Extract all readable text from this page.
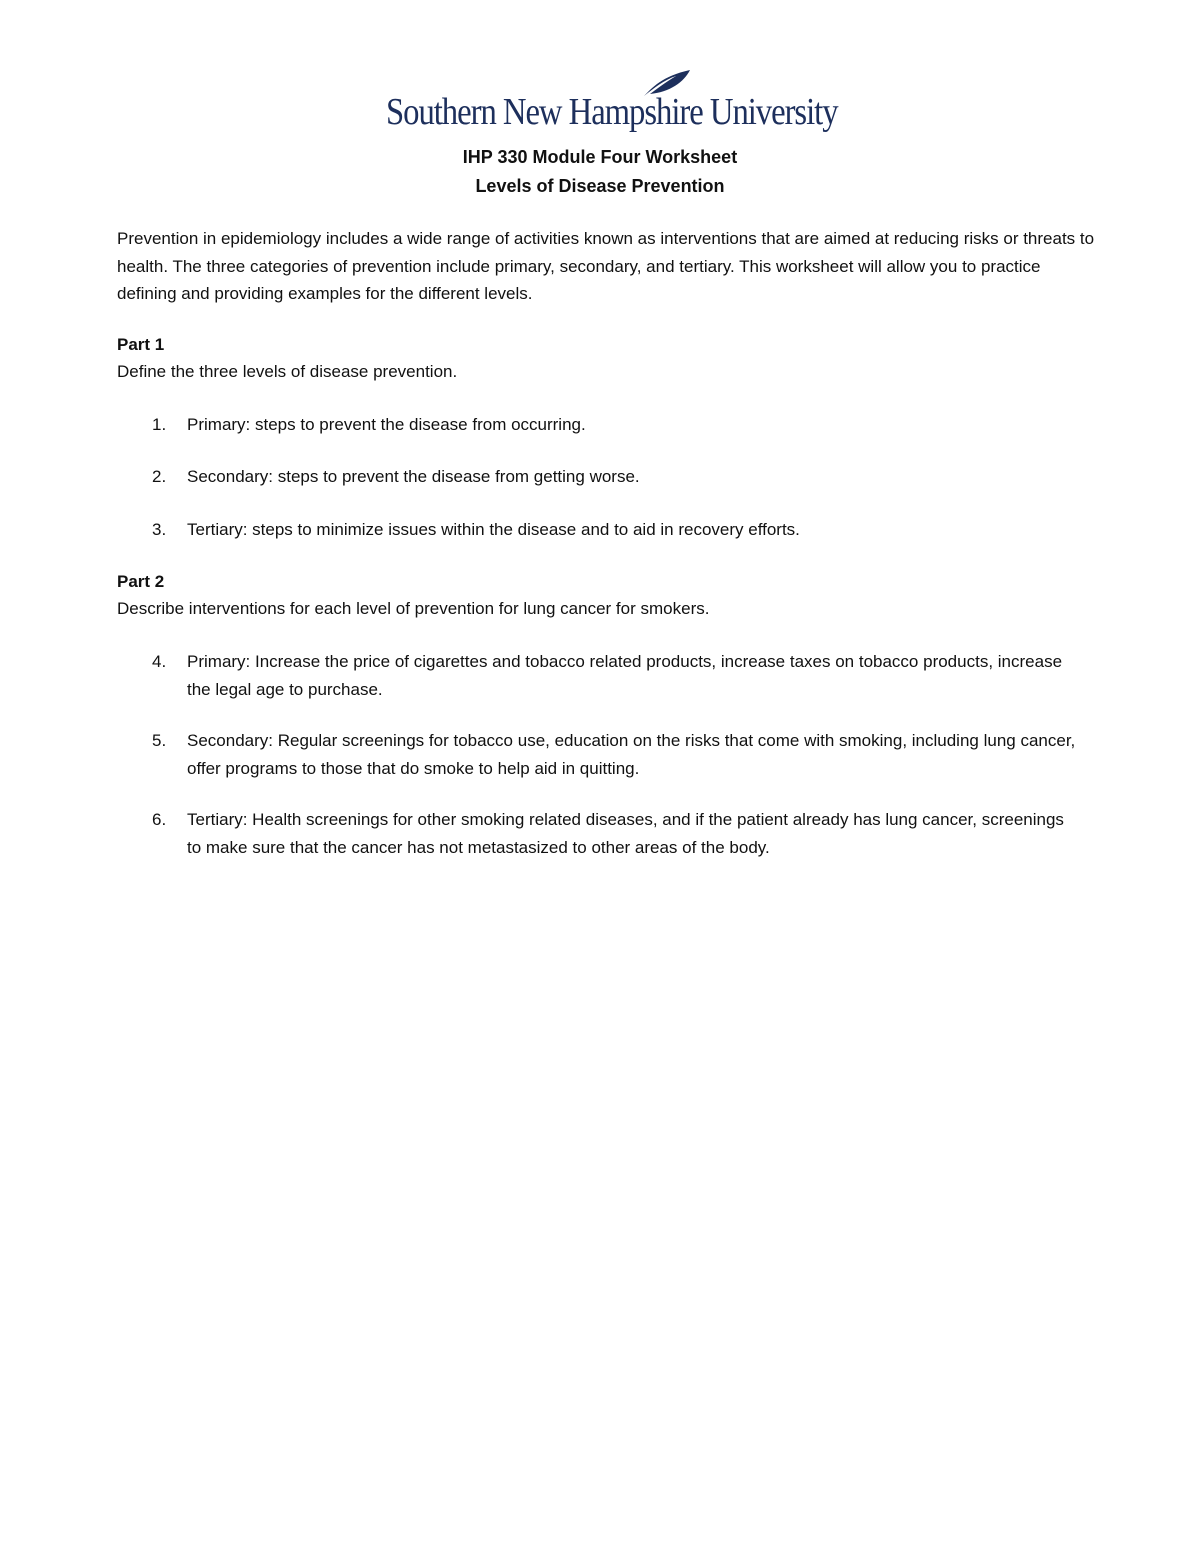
Southern New Hampshire University
IHP 330 Module Four Worksheet
Levels of Disease Prevention

Prevention in epidemiology includes a wide range of activities known as interventions that are aimed at reducing risks or threats to health. The three categories of prevention include primary, secondary, and tertiary. This worksheet will allow you to practice defining and providing examples for the different levels.

Part 1
Define the three levels of disease prevention.
1. Primary: steps to prevent the disease from occurring.
2. Secondary: steps to prevent the disease from getting worse.
3. Tertiary: steps to minimize issues within the disease and to aid in recovery efforts.
Part 2
Describe interventions for each level of prevention for lung cancer for smokers.
4. Primary: Increase the price of cigarettes and tobacco related products, increase taxes on tobacco products, increase the legal age to purchase.
5. Secondary: Regular screenings for tobacco use, education on the risks that come with smoking, including lung cancer, offer programs to those that do smoke to help aid in quitting.
6. Tertiary: Health screenings for other smoking related diseases, and if the patient already has lung cancer, screenings to make sure that the cancer has not metastasized to other areas of the body.
